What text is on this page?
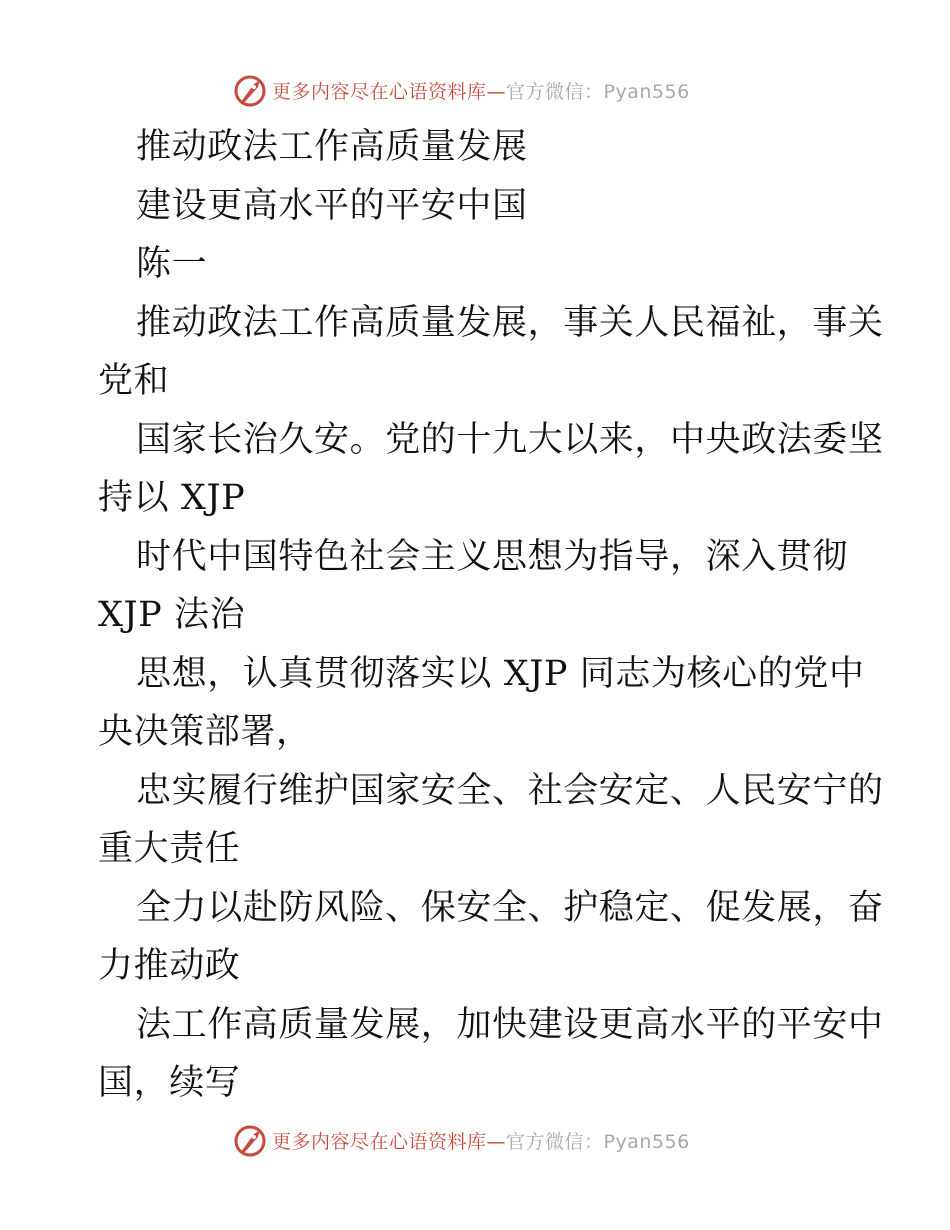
更多内容尽在心语资料库—官方微信：Pyan556
推动政法工作高质量发展
建设更高水平的平安中国
陈一
推动政法工作高质量发展，事关人民福祉，事关
党和
国家长治久安。党的十九大以来，中央政法委坚
持以 XJP
时代中国特色社会主义思想为指导，深入贯彻
XJP 法治
思想，认真贯彻落实以 XJP 同志为核心的党中
央决策部署，
忠实履行维护国家安全、社会安定、人民安宁的
重大责任
全力以赴防风险、保安全、护稳定、促发展，奋
力推动政
法工作高质量发展，加快建设更高水平的平安中
国，续写
更多内容尽在心语资料库—官方微信：Pyan556
